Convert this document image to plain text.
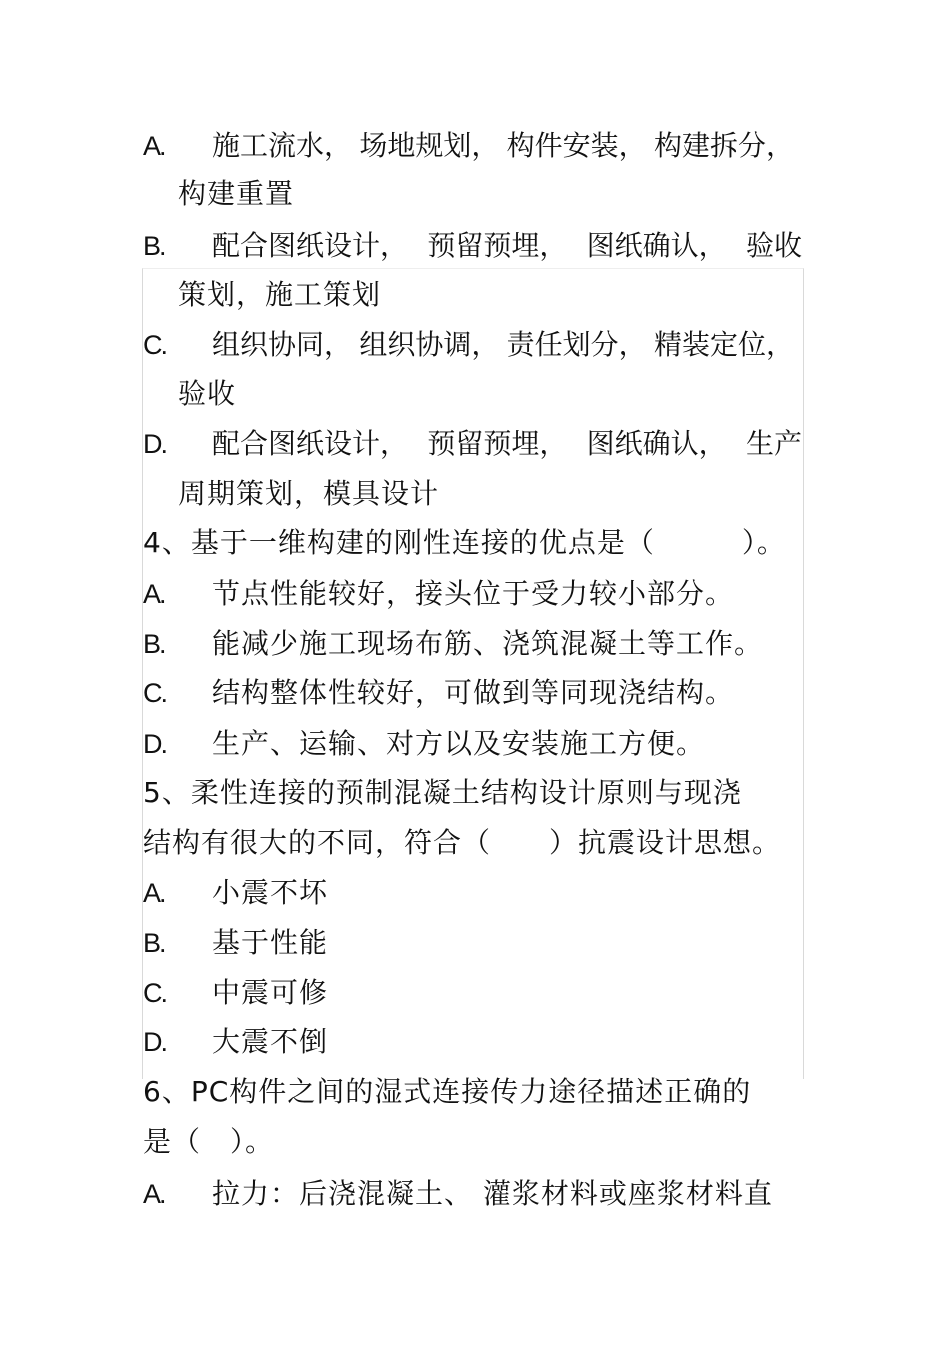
A. 施工流水， 场地规划， 构件安装， 构建拆分，
构建重置
B. 配合图纸设计， 预留预埋， 图纸确认， 验收
策划，施工策划
C. 组织协同， 组织协调， 责任划分， 精装定位，
验收
D. 配合图纸设计， 预留预埋， 图纸确认， 生产
周期策划，模具设计
4、基于一维构建的刚性连接的优点是（　　　）。
A. 节点性能较好，接头位于受力较小部分。
B. 能减少施工现场布筋、浇筑混凝土等工作。
C. 结构整体性较好，可做到等同现浇结构。
D. 生产、运输、对方以及安装施工方便。
5、柔性连接的预制混凝土结构设计原则与现浇
结构有很大的不同，符合（　　）抗震设计思想。
A. 小震不坏
B. 基于性能
C. 中震可修
D. 大震不倒
6、PC构件之间的湿式连接传力途径描述正确的
是（　）。
A. 拉力：后浇混凝土、 灌浆材料或座浆材料直
